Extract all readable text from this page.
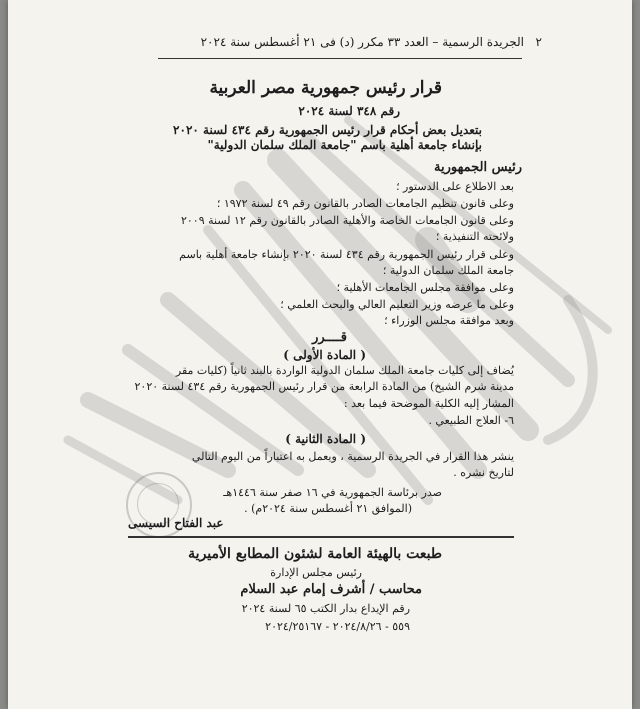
الجريدة الرسمية – العدد ٣٣ مكرر (د) فى ٢١ أغسطس سنة ٢٠٢٤ ٢
قرار رئيس جمهورية مصر العربية
رقم ٣٤٨ لسنة ٢٠٢٤
بتعديل بعض أحكام قرار رئيس الجمهورية رقم ٤٣٤ لسنة ٢٠٢٠
بإنشاء جامعة أهلية باسم "جامعة الملك سلمان الدولية"
رئيس الجمهورية
بعد الاطلاع على الدستور ؛
وعلى قانون تنظيم الجامعات الصادر بالقانون رقم ٤٩ لسنة ١٩٧٢ ؛
وعلى قانون الجامعات الخاصة والأهلية الصادر بالقانون رقم ١٢ لسنة ٢٠٠٩
ولائحته التنفيذية ؛
وعلى قرار رئيس الجمهورية رقم ٤٣٤ لسنة ٢٠٢٠ بإنشاء جامعة أهلية باسم
جامعة الملك سلمان الدولية ؛
وعلى موافقة مجلس الجامعات الأهلية ؛
وعلى ما عرضه وزير التعليم العالي والبحث العلمي ؛
وبعد موافقة مجلس الوزراء ؛
قــــرر
( المادة الأولى )
يُضاف إلى كليات جامعة الملك سلمان الدولية الواردة بالبند ثانياً (كليات مقر
مدينة شرم الشيخ) من المادة الرابعة من قرار رئيس الجمهورية رقم ٤٣٤ لسنة ٢٠٢٠
المشار إليه الكلية الموضحة فيما بعد :
٦- العلاج الطبيعي .
( المادة الثانية )
ينشر هذا القرار في الجريدة الرسمية ، ويعمل به اعتباراً من اليوم التالي
لتاريخ نشره .
صدر برئاسة الجمهورية في ١٦ صفر سنة ١٤٤٦هـ
(الموافق ٢١ أغسطس سنة ٢٠٢٤م) .
عبد الفتاح السيسى
طبعت بالهيئة العامة لشئون المطابع الأميرية
رئيس مجلس الإدارة
محاسب / أشرف إمام عبد السلام
رقم الإيداع بدار الكتب ٦٥ لسنة ٢٠٢٤
٥٥٩ - ٢٠٢٤/٨/٢٦ - ٢٠٢٤/٢٥١٦٧
